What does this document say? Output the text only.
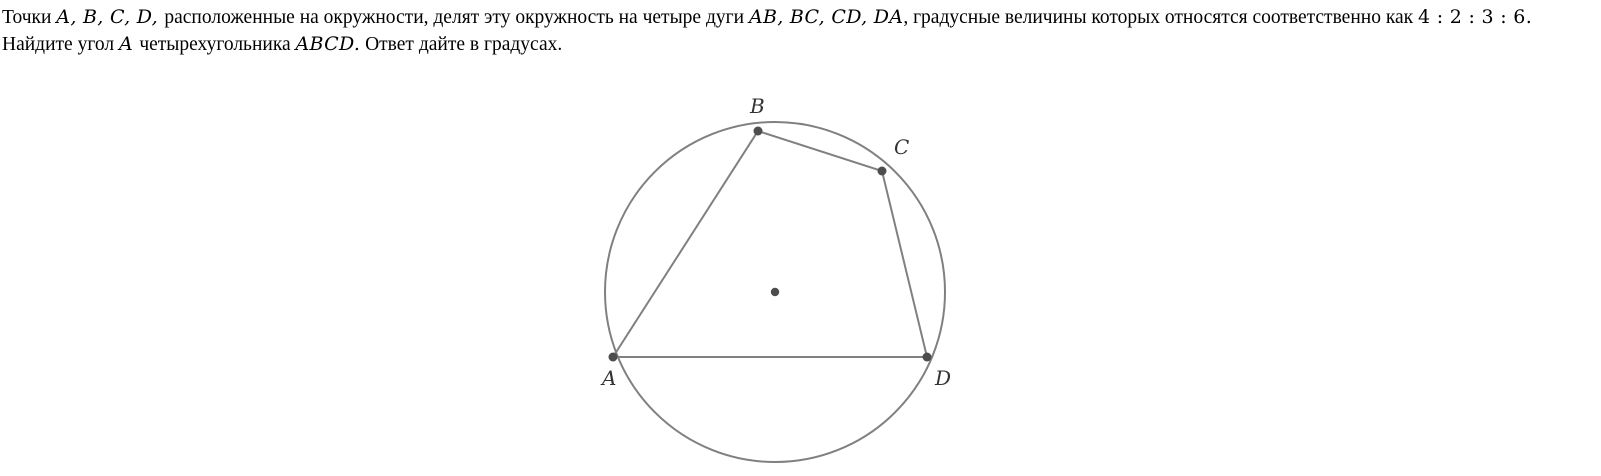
Точки A, B, C, D, расположенные на окружности, делят эту окружность на четыре дуги AB, BC, CD, DA, градусные величины которых относятся соответственно как 4 : 2 : 3 : 6. Найдите угол A четырехугольника ABCD. Ответ дайте в градусах.
A
B
C
D
